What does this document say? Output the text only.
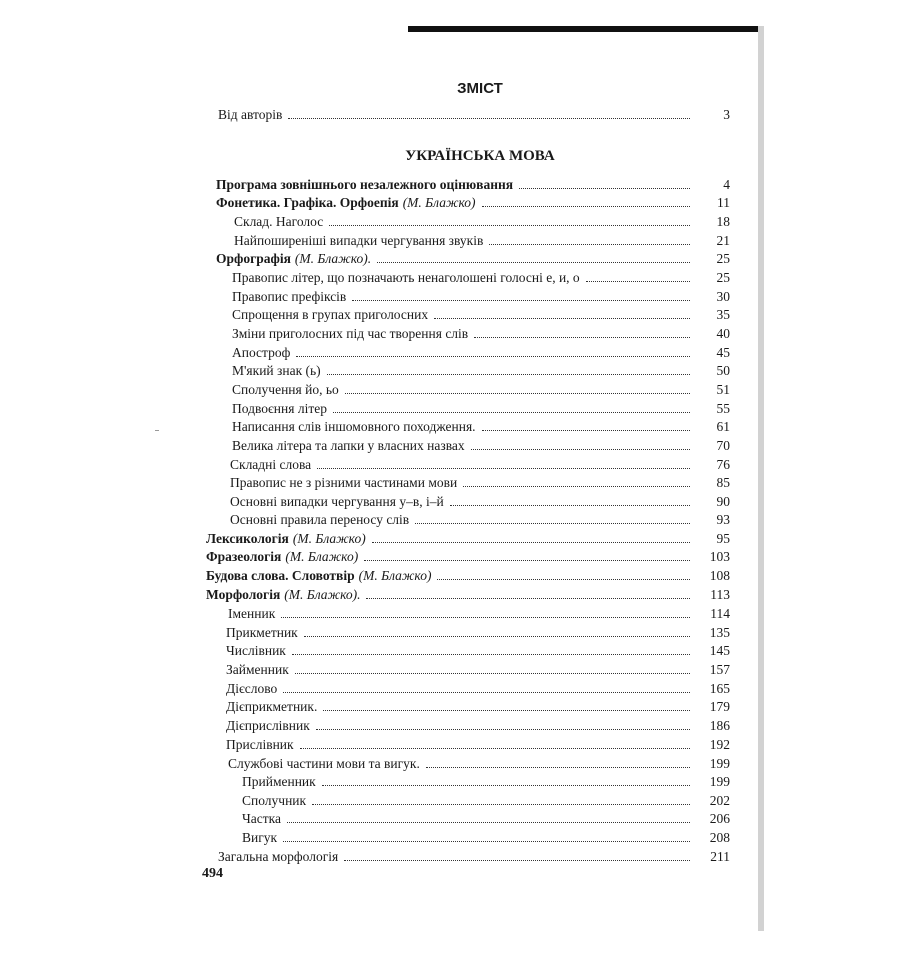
ЗМІСТ
УКРАЇНСЬКА МОВА
Від авторів	3
Програма зовнішнього незалежного оцінювання	4
Фонетика. Графіка. Орфоепія (М. Блажко)	11
Склад. Наголос	18
Найпоширеніші випадки чергування звуків	21
Орфографія (М. Блажко).	25
Правопис літер, що позначають ненаголошені голосні е, и, о	25
Правопис префіксів	30
Спрощення в групах приголосних	35
Зміни приголосних під час творення слів	40
Апостроф	45
М'який знак (ь)	50
Сполучення йо, ьо	51
Подвоєння літер	55
Написання слів іншомовного походження.	61
Велика літера та лапки у власних назвах	70
Складні слова	76
Правопис не з різними частинами мови	85
Основні випадки чергування у–в, і–й	90
Основні правила переносу слів	93
Лексикологія (М. Блажко)	95
Фразеологія (М. Блажко)	103
Будова слова. Словотвір (М. Блажко)	108
Морфологія (М. Блажко).	113
Іменник	114
Прикметник	135
Числівник	145
Займенник	157
Дієслово	165
Дієприкметник.	179
Дієприслівник	186
Прислівник	192
Службові частини мови та вигук.	199
Прийменник	199
Сполучник	202
Частка	206
Вигук	208
Загальна морфологія	211
494
